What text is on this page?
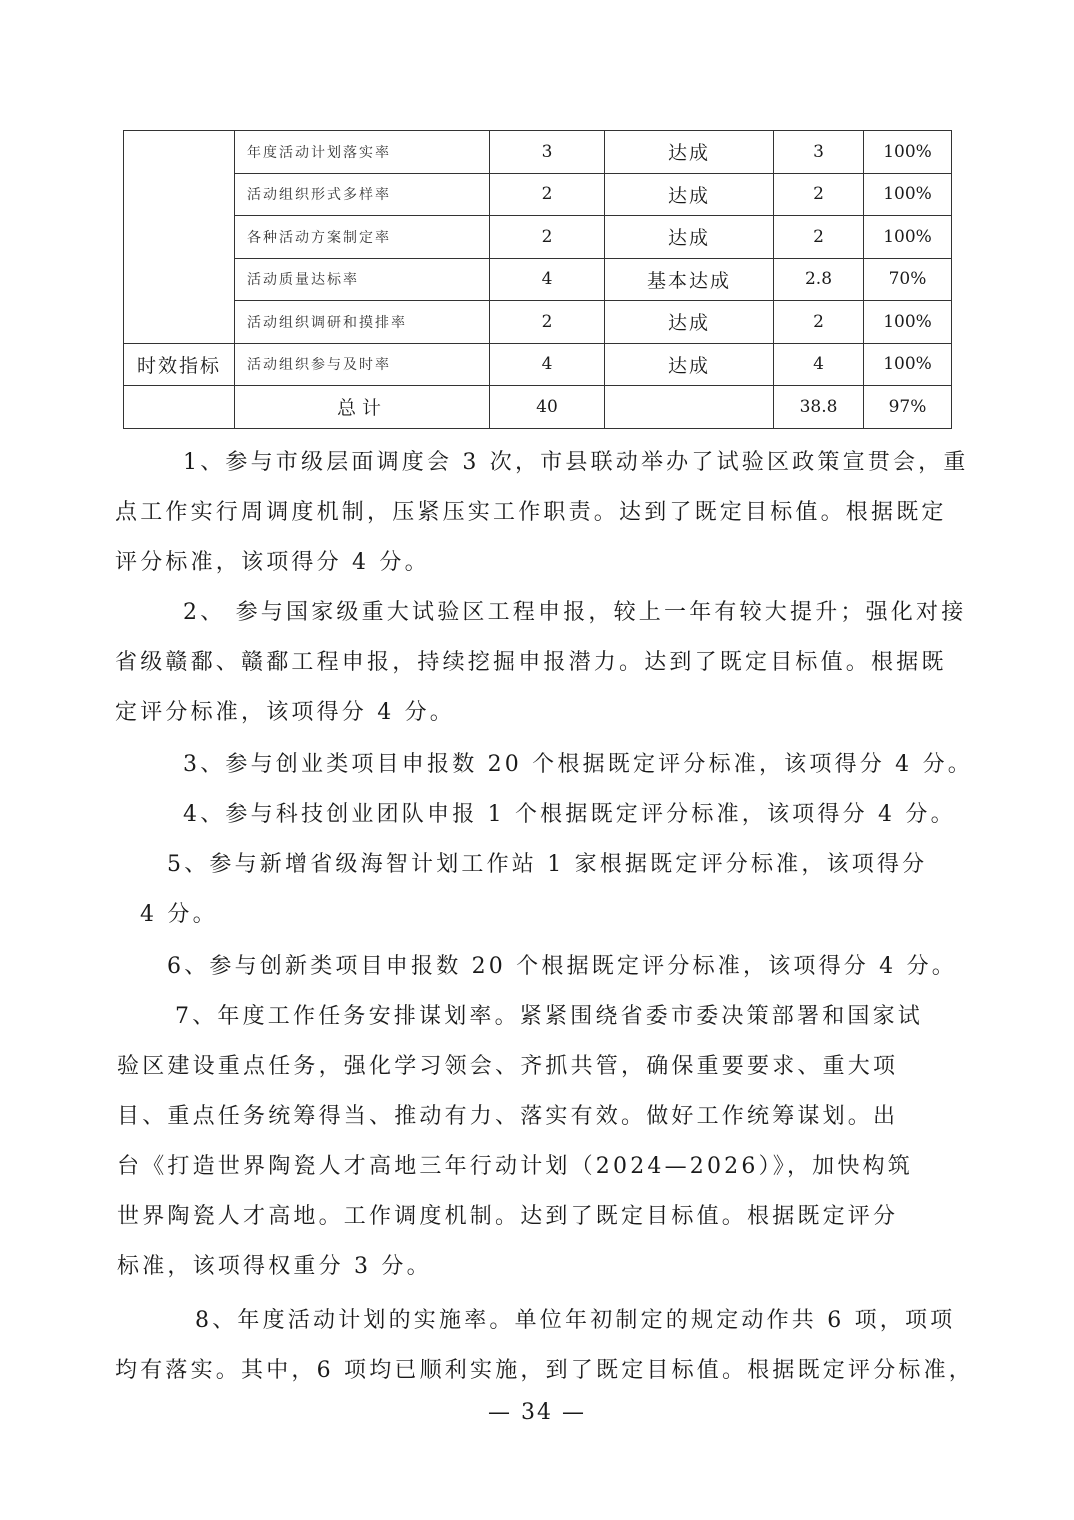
	年度活动计划落实率	3	达成	3	100%
	活动组织形式多样率	2	达成	2	100%
	各种活动方案制定率	2	达成	2	100%
	活动质量达标率	4	基本达成	2.8	70%
	活动组织调研和摸排率	2	达成	2	100%
时效指标	活动组织参与及时率	4	达成	4	100%
	总计	40		38.8	97%
1、参与市级层面调度会 3 次，市县联动举办了试验区政策宣贯会，重
点工作实行周调度机制，压紧压实工作职责。达到了既定目标值。根据既定
评分标准，该项得分 4 分。
2、 参与国家级重大试验区工程申报，较上一年有较大提升；强化对接
省级赣鄱、赣鄱工程申报，持续挖掘申报潜力。达到了既定目标值。根据既
定评分标准，该项得分 4 分。
3、参与创业类项目申报数 20 个根据既定评分标准，该项得分 4 分。
4、参与科技创业团队申报 1 个根据既定评分标准，该项得分 4 分。
5、参与新增省级海智计划工作站 1 家根据既定评分标准，该项得分
4 分。
6、参与创新类项目申报数 20 个根据既定评分标准，该项得分 4 分。
7、年度工作任务安排谋划率。紧紧围绕省委市委决策部署和国家试
验区建设重点任务，强化学习领会、齐抓共管，确保重要要求、重大项
目、重点任务统筹得当、推动有力、落实有效。做好工作统筹谋划。出
台《打造世界陶瓷人才高地三年行动计划（2024—2026）》，加快构筑
世界陶瓷人才高地。工作调度机制。达到了既定目标值。根据既定评分
标准，该项得权重分 3 分。
8、年度活动计划的实施率。单位年初制定的规定动作共 6 项，项项
均有落实。其中，6 项均已顺利实施，到了既定目标值。根据既定评分标准，
— 34 —
